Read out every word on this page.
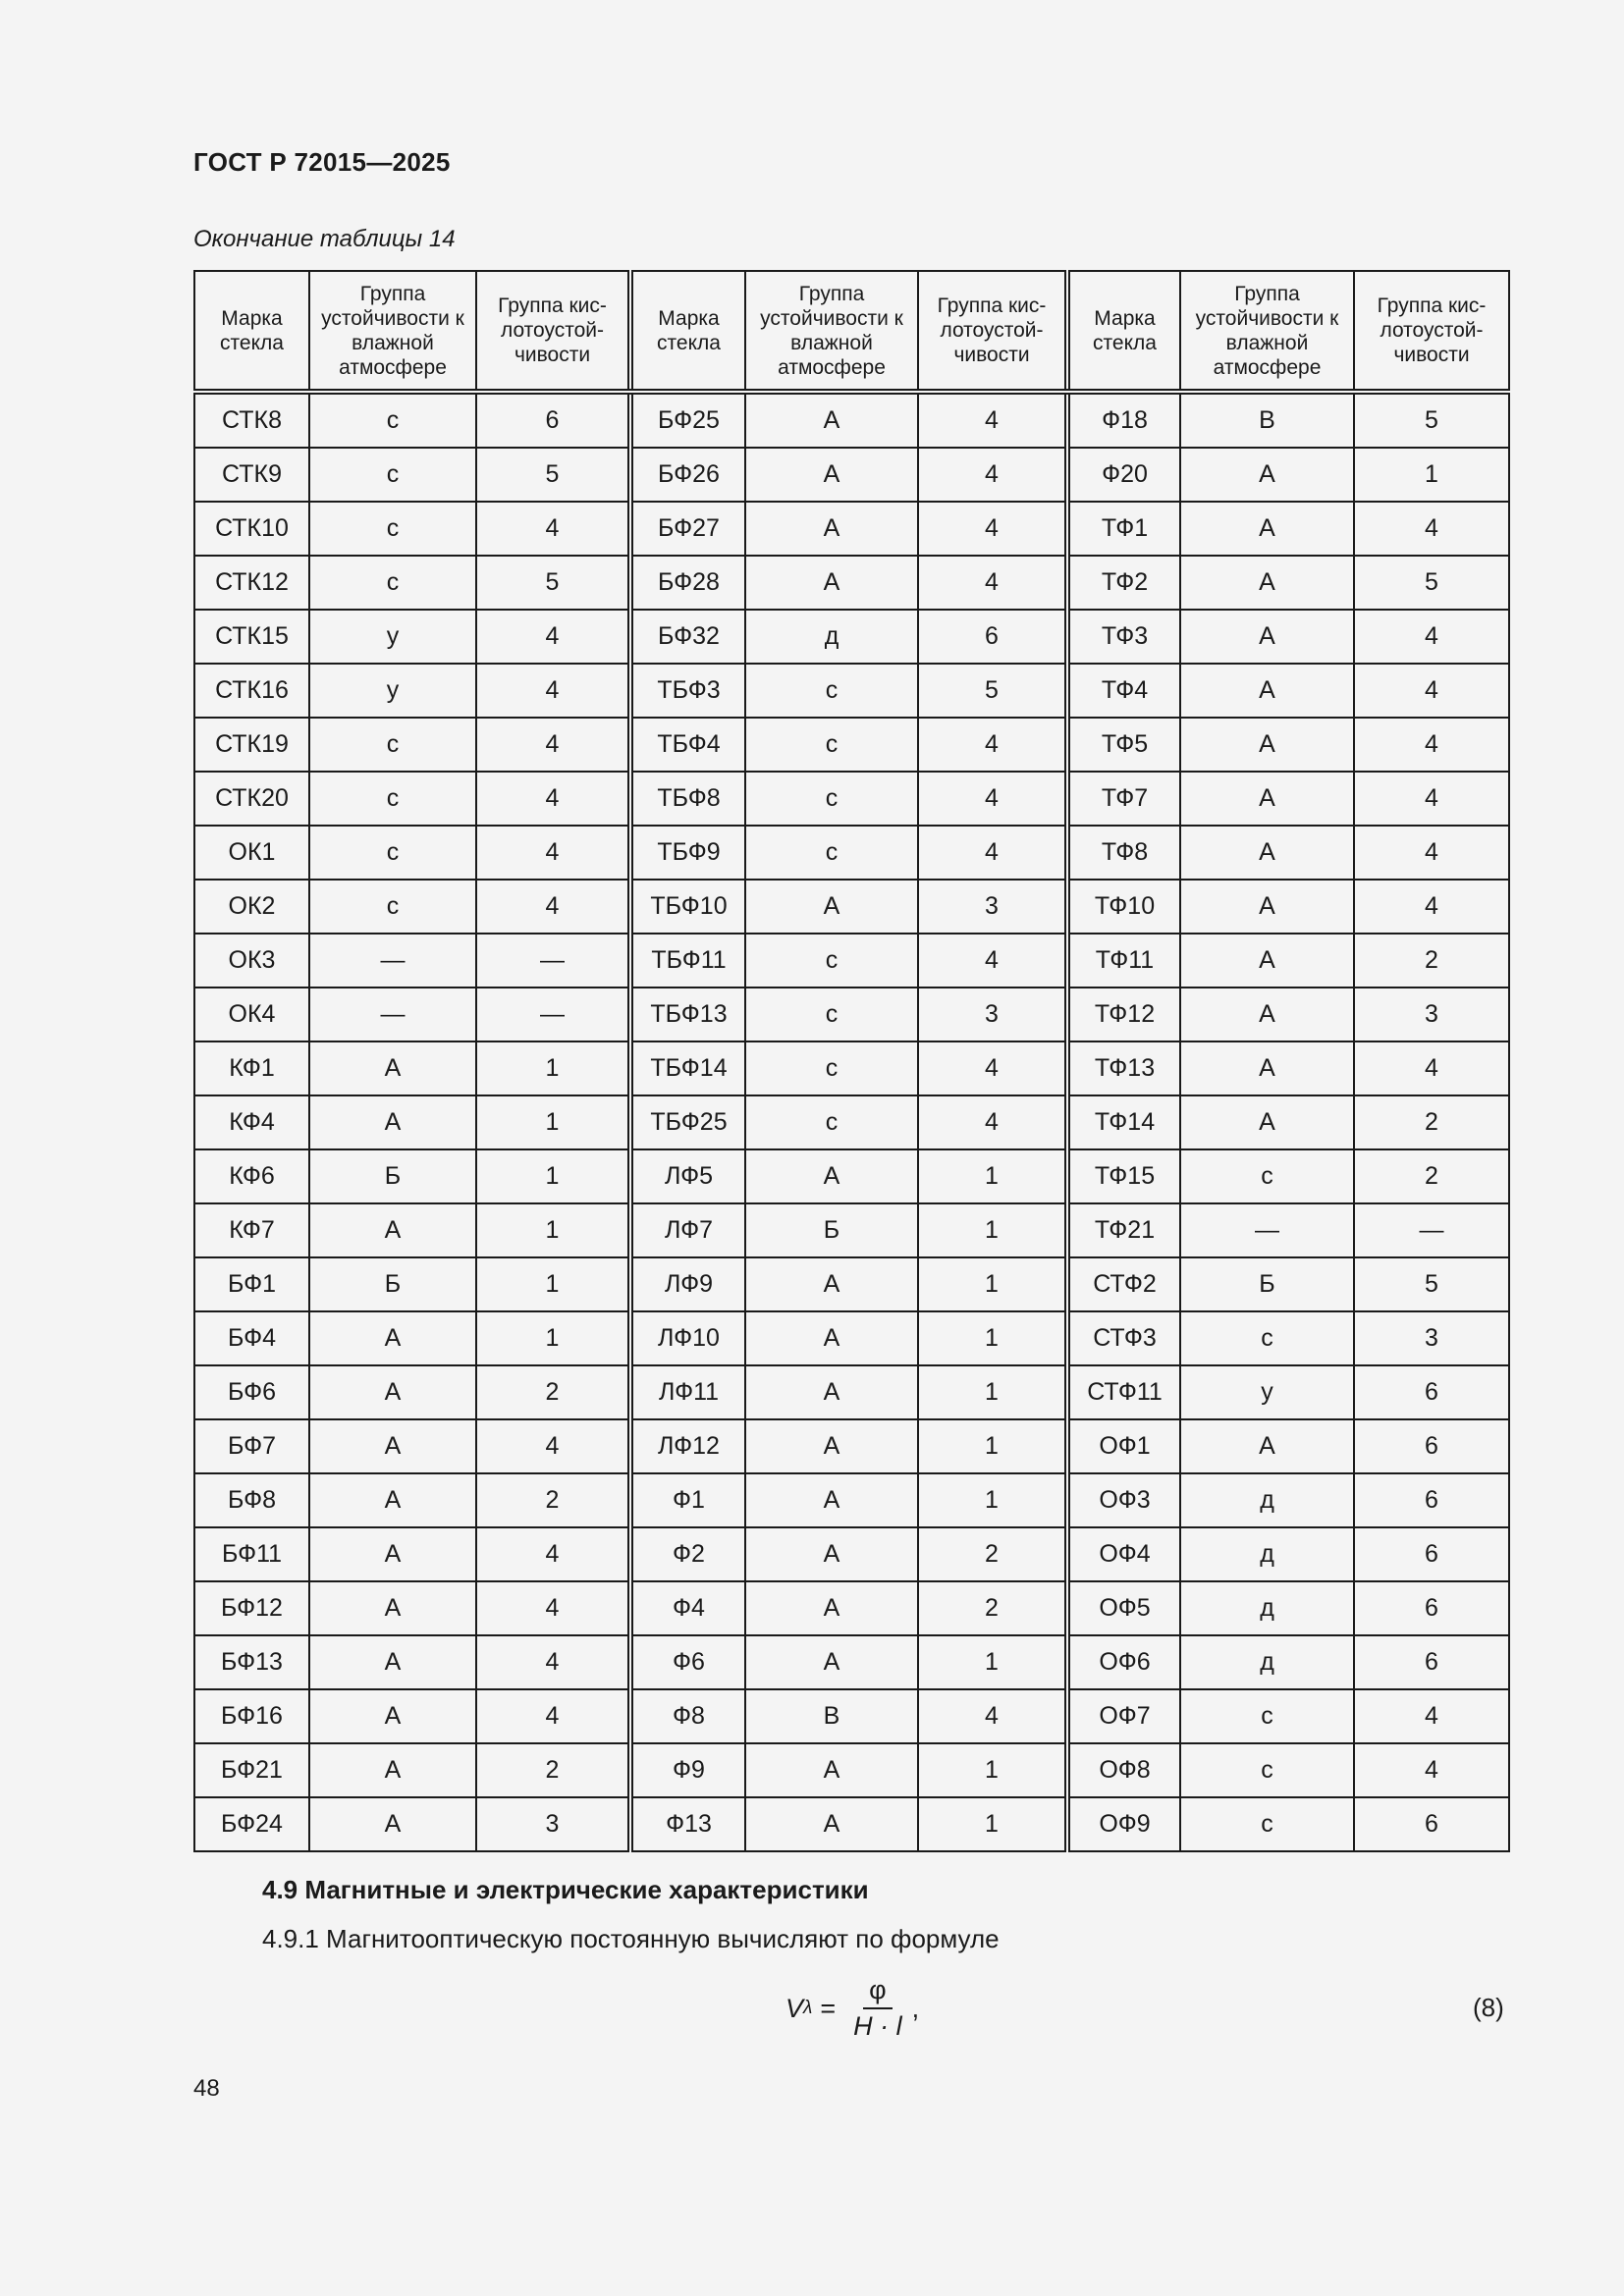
ГОСТ Р 72015—2025
Окончание таблицы 14
Марка стекла	Группа устойчивости к влажной атмосфере	Группа кис-лотоустой-чивости	Марка стекла	Группа устойчивости к влажной атмосфере	Группа кис-лотоустой-чивости	Марка стекла	Группа устойчивости к влажной атмосфере	Группа кис-лотоустой-чивости
СТК8	с	6	БФ25	А	4	Ф18	В	5
СТК9	с	5	БФ26	А	4	Ф20	А	1
СТК10	с	4	БФ27	А	4	ТФ1	А	4
СТК12	с	5	БФ28	А	4	ТФ2	А	5
СТК15	у	4	БФ32	д	6	ТФ3	А	4
СТК16	у	4	ТБФ3	с	5	ТФ4	А	4
СТК19	с	4	ТБФ4	с	4	ТФ5	А	4
СТК20	с	4	ТБФ8	с	4	ТФ7	А	4
ОК1	с	4	ТБФ9	с	4	ТФ8	А	4
ОК2	с	4	ТБФ10	А	3	ТФ10	А	4
ОК3	—	—	ТБФ11	с	4	ТФ11	А	2
ОК4	—	—	ТБФ13	с	3	ТФ12	А	3
КФ1	А	1	ТБФ14	с	4	ТФ13	А	4
КФ4	А	1	ТБФ25	с	4	ТФ14	А	2
КФ6	Б	1	ЛФ5	А	1	ТФ15	с	2
КФ7	А	1	ЛФ7	Б	1	ТФ21	—	—
БФ1	Б	1	ЛФ9	А	1	СТФ2	Б	5
БФ4	А	1	ЛФ10	А	1	СТФ3	с	3
БФ6	А	2	ЛФ11	А	1	СТФ11	у	6
БФ7	А	4	ЛФ12	А	1	ОФ1	А	6
БФ8	А	2	Ф1	А	1	ОФ3	д	6
БФ11	А	4	Ф2	А	2	ОФ4	д	6
БФ12	А	4	Ф4	А	2	ОФ5	д	6
БФ13	А	4	Ф6	А	1	ОФ6	д	6
БФ16	А	4	Ф8	В	4	ОФ7	с	4
БФ21	А	2	Ф9	А	1	ОФ8	с	4
БФ24	А	3	Ф13	А	1	ОФ9	с	6
4.9 Магнитные и электрические характеристики
4.9.1 Магнитооптическую постоянную вычисляют по формуле
V $\lambda = \frac{\varphi}{H \cdot l}$ ,	(8)
48
